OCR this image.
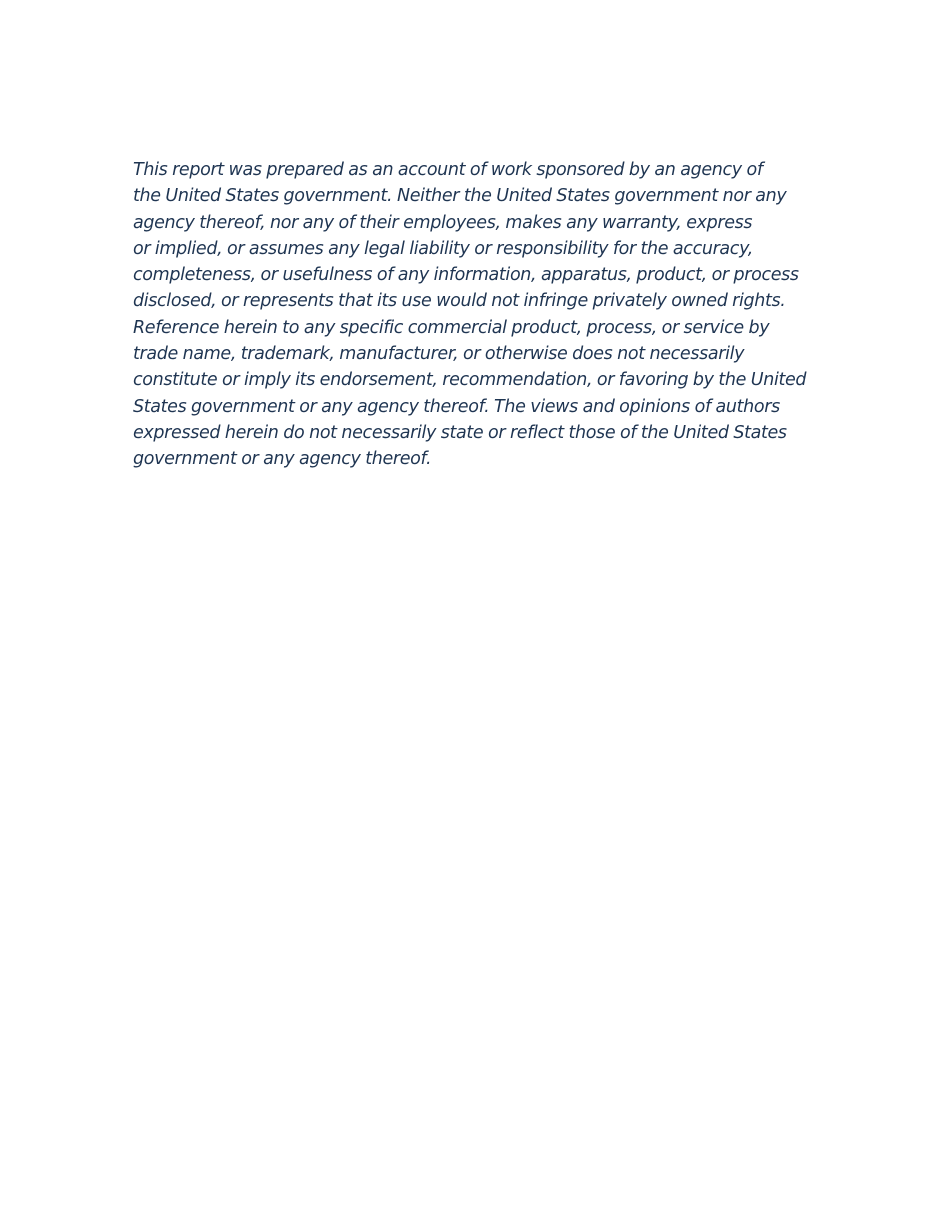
This report was prepared as an account of work sponsored by an agency of
the United States government. Neither the United States government nor any
agency thereof, nor any of their employees, makes any warranty, express
or implied, or assumes any legal liability or responsibility for the accuracy,
completeness, or usefulness of any information, apparatus, product, or process
disclosed, or represents that its use would not infringe privately owned rights.
Reference herein to any specific commercial product, process, or service by
trade name, trademark, manufacturer, or otherwise does not necessarily
constitute or imply its endorsement, recommendation, or favoring by the United
States government or any agency thereof. The views and opinions of authors
expressed herein do not necessarily state or reflect those of the United States
government or any agency thereof.
